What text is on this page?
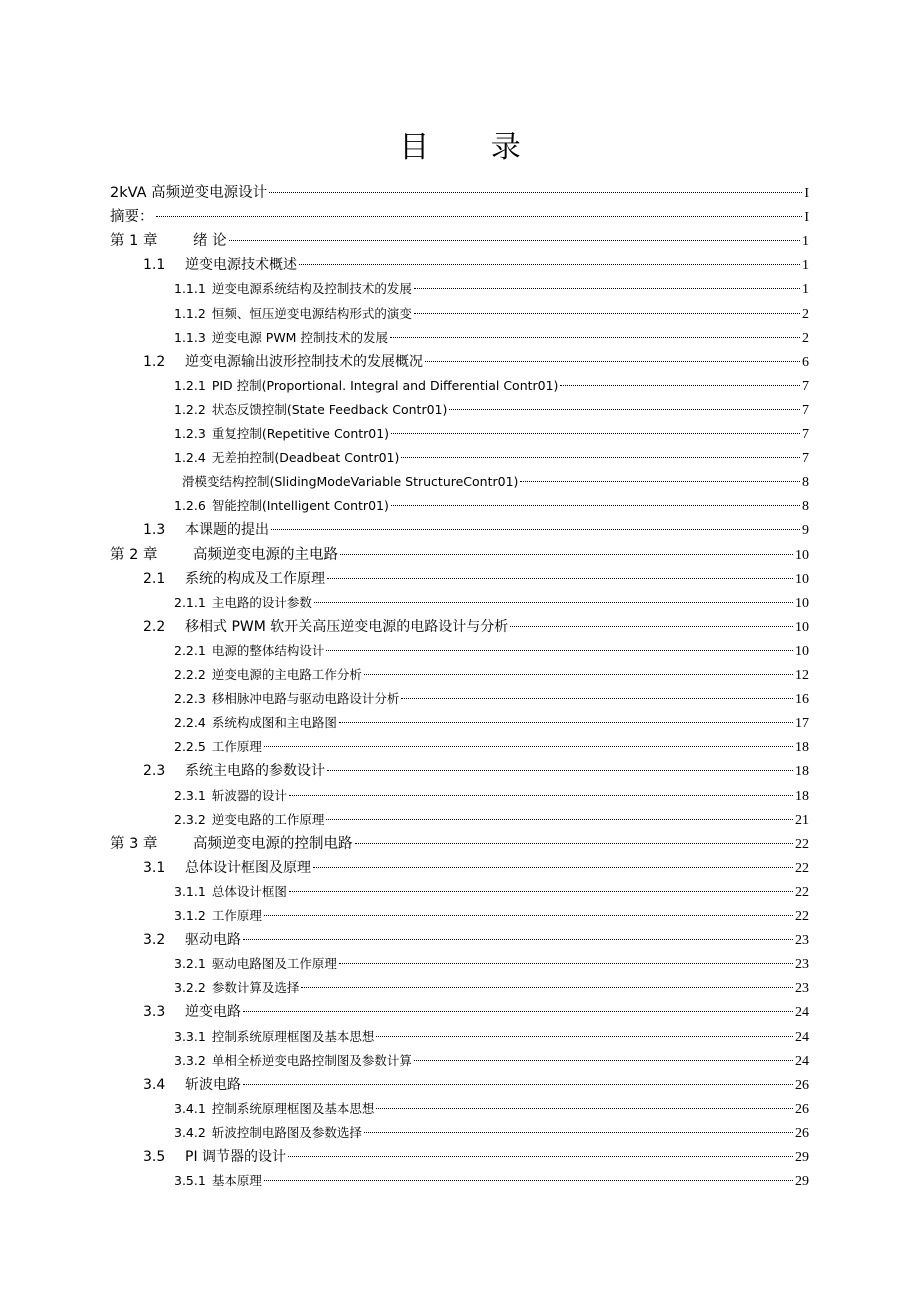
目 录
2kVA 高频逆变电源设计	I
摘要：	I
第 1 章	绪 论	1
1.1	逆变电源技术概述	1
1.1.1 逆变电源系统结构及控制技术的发展	1
1.1.2 恒频、恒压逆变电源结构形式的演变	2
1.1.3 逆变电源 PWM 控制技术的发展	2
1.2	逆变电源输出波形控制技术的发展概况	6
1.2.1 PID 控制(Proportional. Integral and Differential Contr01)	7
1.2.2 状态反馈控制(State Feedback Contr01)	7
1.2.3 重复控制(Repetitive Contr01)	7
1.2.4 无差拍控制(Deadbeat Contr01)	7
滑模变结构控制(SlidingModeVariable StructureContr01)	8
1.2.6 智能控制(Intelligent Contr01)	8
1.3	本课题的提出	9
第 2 章	高频逆变电源的主电路	10
2.1	系统的构成及工作原理	10
2.1.1 主电路的设计参数	10
2.2	移相式 PWM 软开关高压逆变电源的电路设计与分析	10
2.2.1 电源的整体结构设计	10
2.2.2 逆变电源的主电路工作分析	12
2.2.3 移相脉冲电路与驱动电路设计分析	16
2.2.4 系统构成图和主电路图	17
2.2.5 工作原理	18
2.3	系统主电路的参数设计	18
2.3.1 斩波器的设计	18
2.3.2 逆变电路的工作原理	21
第 3 章	高频逆变电源的控制电路	22
3.1	总体设计框图及原理	22
3.1.1 总体设计框图	22
3.1.2 工作原理	22
3.2	驱动电路	23
3.2.1 驱动电路图及工作原理	23
3.2.2 参数计算及选择	23
3.3	逆变电路	24
3.3.1 控制系统原理框图及基本思想	24
3.3.2 单相全桥逆变电路控制图及参数计算	24
3.4	斩波电路	26
3.4.1 控制系统原理框图及基本思想	26
3.4.2 斩波控制电路图及参数选择	26
3.5	PI 调节器的设计	29
3.5.1 基本原理	29
